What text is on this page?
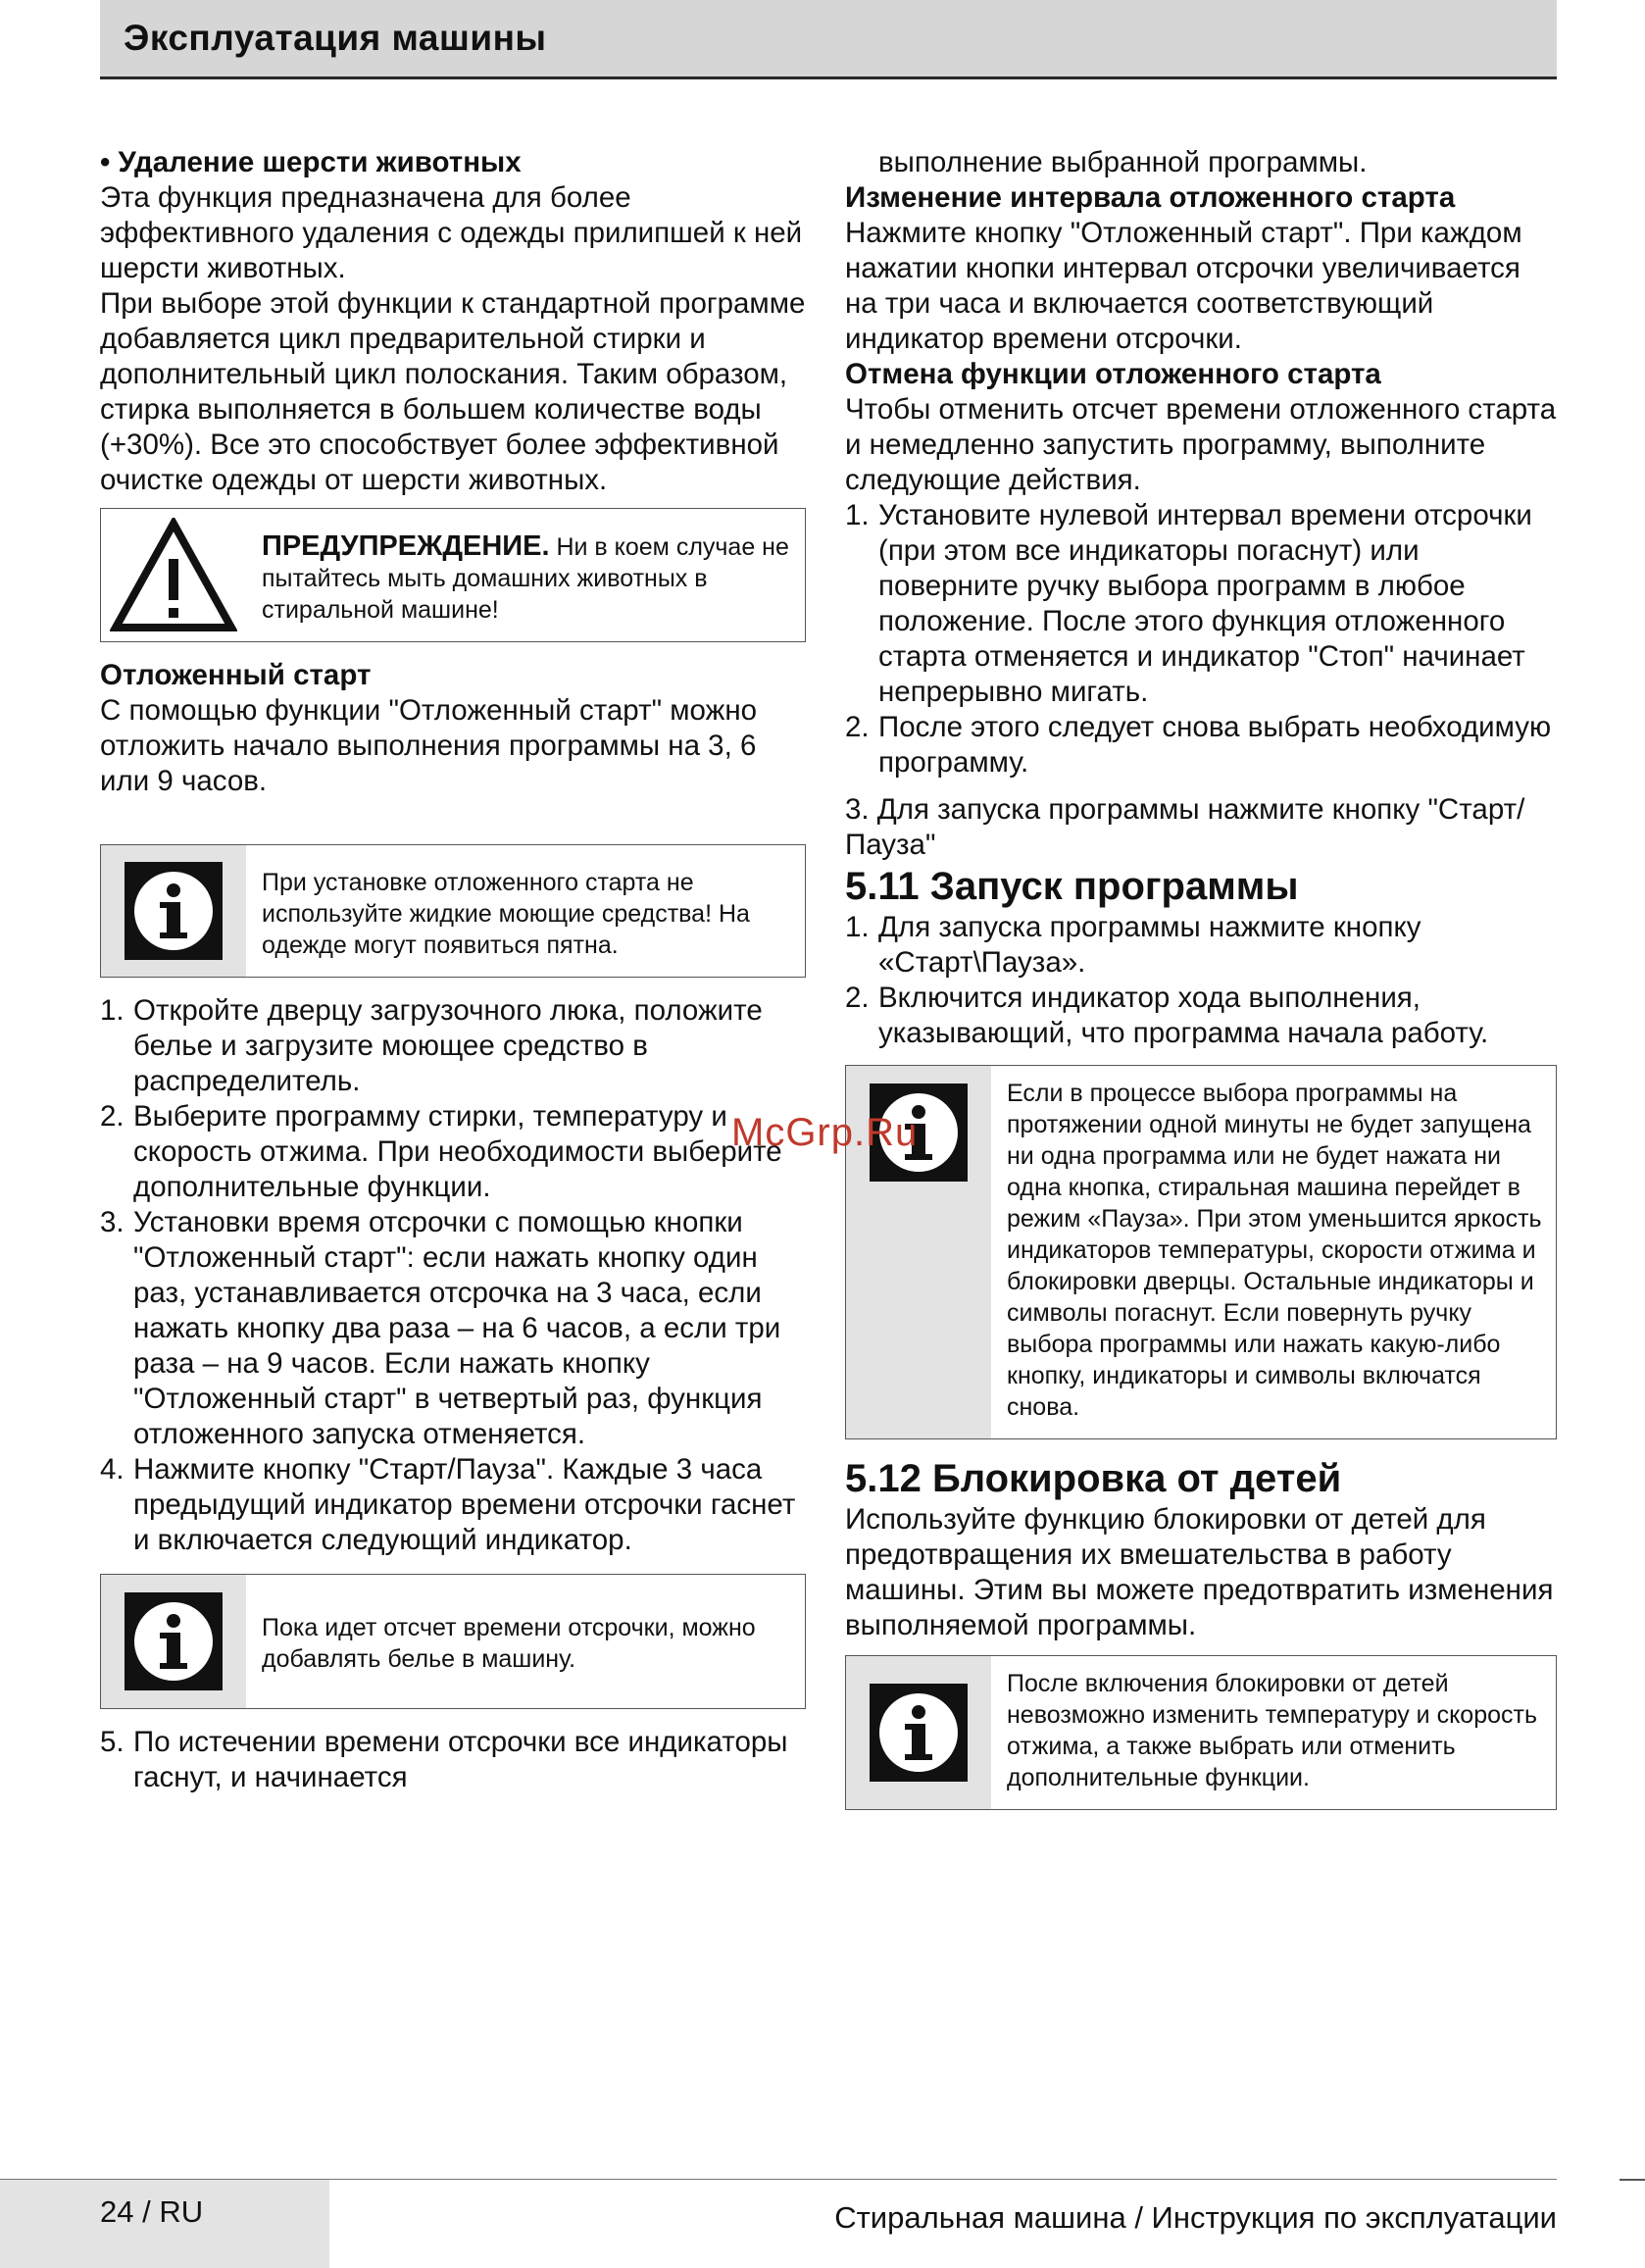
Эксплуатация машины

• Удаление шерсти животных

Эта функция предназначена для более эффективного удаления с одежды прилипшей к ней шерсти животных.

При выборе этой функции к стандартной программе добавляется цикл предварительной стирки и дополнительный цикл полоскания. Таким образом, стирка выполняется в большем количестве воды (+30%). Все это способствует более эффективной очистке одежды от шерсти животных.

ПРЕДУПРЕЖДЕНИЕ. Ни в коем случае не пытайтесь мыть домашних животных в стиральной машине!

Отложенный старт

С помощью функции "Отложенный старт" можно отложить начало выполнения программы на 3, 6 или 9 часов.

При установке отложенного старта не используйте жидкие моющие средства! На одежде могут появиться пятна.
1. Откройте дверцу загрузочного люка, положите белье и загрузите моющее средство в распределитель.
2. Выберите программу стирки, температуру и скорость отжима. При необходимости выберите дополнительные функции.
3. Установки время отсрочки с помощью кнопки "Отложенный старт": если нажать кнопку один раз, устанавливается отсрочка на 3 часа, если нажать кнопку два раза – на 6 часов, а если три раза – на 9 часов. Если нажать кнопку "Отложенный старт" в четвертый раз, функция отложенного запуска отменяется.
4. Нажмите кнопку "Старт/Пауза". Каждые 3 часа предыдущий индикатор времени отсрочки гаснет и включается следующий индикатор.
Пока идет отсчет времени отсрочки, можно добавлять белье в машину.
5. По истечении времени отсрочки все индикаторы гаснут, и начинается

выполнение выбранной программы.

Изменение интервала отложенного старта

Нажмите кнопку "Отложенный старт". При каждом нажатии кнопки интервал отсрочки увеличивается на три часа и включается соответствующий индикатор времени отсрочки.

Отмена функции отложенного старта

Чтобы отменить отсчет времени отложенного старта и немедленно запустить программу, выполните следующие действия.

1. Установите нулевой интервал времени отсрочки (при этом все индикаторы погаснут) или поверните ручку выбора программ в любое положение. После этого функция отложенного старта отменяется и индикатор "Стоп" начинает непрерывно мигать.
2. После этого следует снова выбрать необходимую программу.

3. Для запуска программы нажмите кнопку "Старт/Пауза"

5.11 Запуск программы

1. Для запуска программы нажмите кнопку «Старт\Пауза».
2. Включится индикатор хода выполнения, указывающий, что программа начала работу.
Если в процессе выбора программы на протяжении одной минуты не будет запущена ни одна программа или не будет нажата ни одна кнопка, стиральная машина перейдет в режим «Пауза». При этом уменьшится яркость индикаторов температуры, скорости отжима и блокировки дверцы. Остальные индикаторы и символы погаснут. Если повернуть ручку выбора программы или нажать какую-либо кнопку, индикаторы и символы включатся снова.

5.12 Блокировка от детей

Используйте функцию блокировки от детей для предотвращения их вмешательства в работу машины. Этим вы можете предотвратить изменения выполняемой программы.

После включения блокировки от детей невозможно изменить температуру и скорость отжима, а также выбрать или отменить дополнительные функции.
McGrp.Ru
24 / RU	Стиральная машина / Инструкция по эксплуатации
